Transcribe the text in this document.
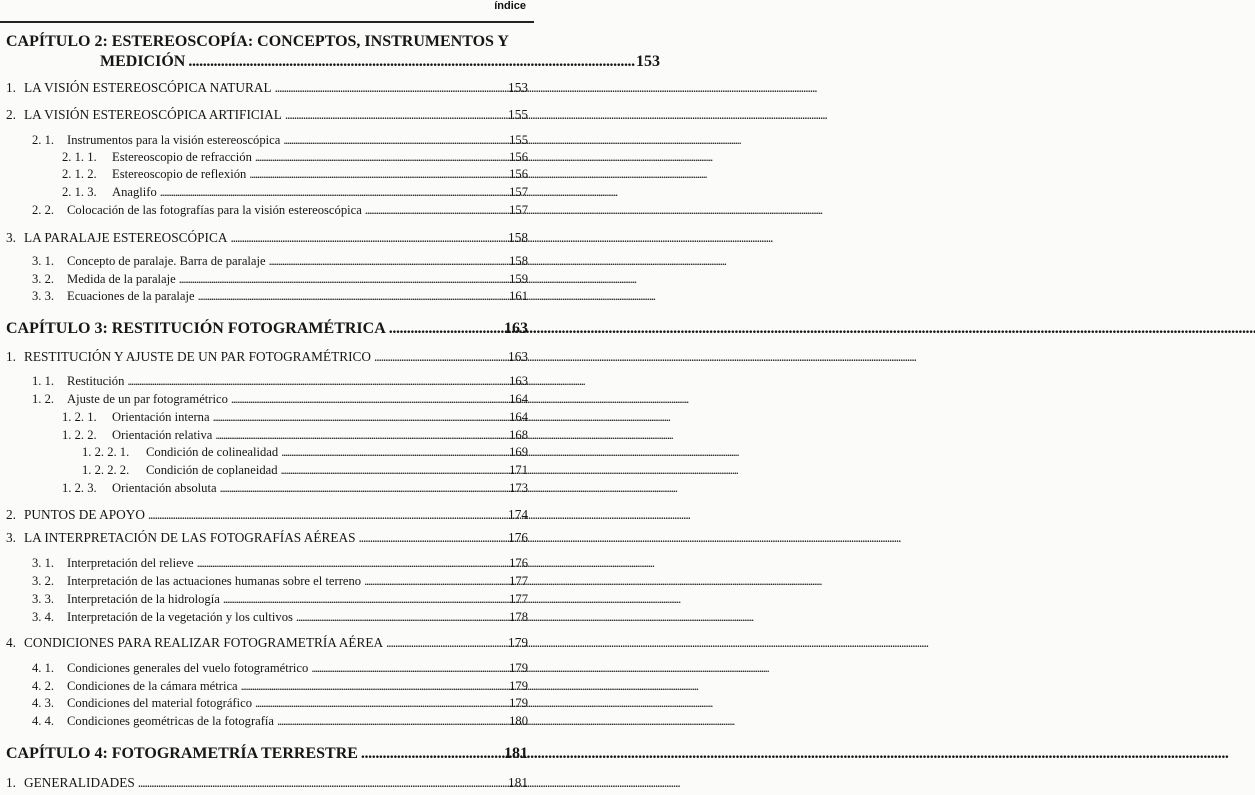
índice
CAPÍTULO 2: ESTEREOSCOPÍA: CONCEPTOS, INSTRUMENTOS Y
MEDICIÓN . . . . . . . . . . . . . . . . . . . . . . . . . . . . . . . . . . . . . . . . . . . . . . . . . . . . . . . . . . . . . . . . . . . . . . . . . . . . . . . . . . . . . . . . . . . . . . . . . . . . . . . . . . . . . . . . . . . . . . . . . . . . 153
1. LA VISIÓN ESTEREOSCÓPICA NATURAL . . .	153
2. LA VISIÓN ESTEREOSCÓPICA ARTIFICIAL . . .	155
2. 1.	Instrumentos para la visión estereoscópica . . .	155
2. 1. 1.	Estereoscopio de refracción . . .	156
2. 1. 2.	Estereoscopio de reflexión . . .	156
2. 1. 3.	Anaglifo . . .	157
2. 2.	Colocación de las fotografías para la visión estereoscópica . . .	157
3. LA PARALAJE ESTEREOSCÓPICA . . .	158
3. 1.	Concepto de paralaje. Barra de paralaje . . .	158
3. 2.	Medida de la paralaje . . .	159
3. 3.	Ecuaciones de la paralaje . . .	161
CAPÍTULO 3: RESTITUCIÓN FOTOGRAMÉTRICA . . .	163
1. RESTITUCIÓN Y AJUSTE DE UN PAR FOTOGRAMÉTRICO . . .	163
1. 1.	Restitución . . .	163
1. 2.	Ajuste de un par fotogramétrico . . .	164
1. 2. 1.	Orientación interna . . .	164
1. 2. 2.	Orientación relativa . . .	168
1. 2. 2. 1.	Condición de colinealidad . . .	169
1. 2. 2. 2.	Condición de coplaneidad . . .	171
1. 2. 3.	Orientación absoluta . . .	173
2. PUNTOS DE APOYO . . .	174
3. LA INTERPRETACIÓN DE LAS FOTOGRAFÍAS AÉREAS . . .	176
3. 1.	Interpretación del relieve . . .	176
3. 2.	Interpretación de las actuaciones humanas sobre el terreno . . .	177
3. 3.	Interpretación de la hidrología . . .	177
3. 4.	Interpretación de la vegetación y los cultivos . . .	178
4. CONDICIONES PARA REALIZAR FOTOGRAMETRÍA AÉREA . . .	179
4. 1.	Condiciones generales del vuelo fotogramétrico . . .	179
4. 2.	Condiciones de la cámara métrica . . .	179
4. 3.	Condiciones del material fotográfico . . .	179
4. 4.	Condiciones geométricas de la fotografía . . .	180
CAPÍTULO 4: FOTOGRAMETRÍA TERRESTRE . . .	181
1. GENERALIDADES . . .	181
